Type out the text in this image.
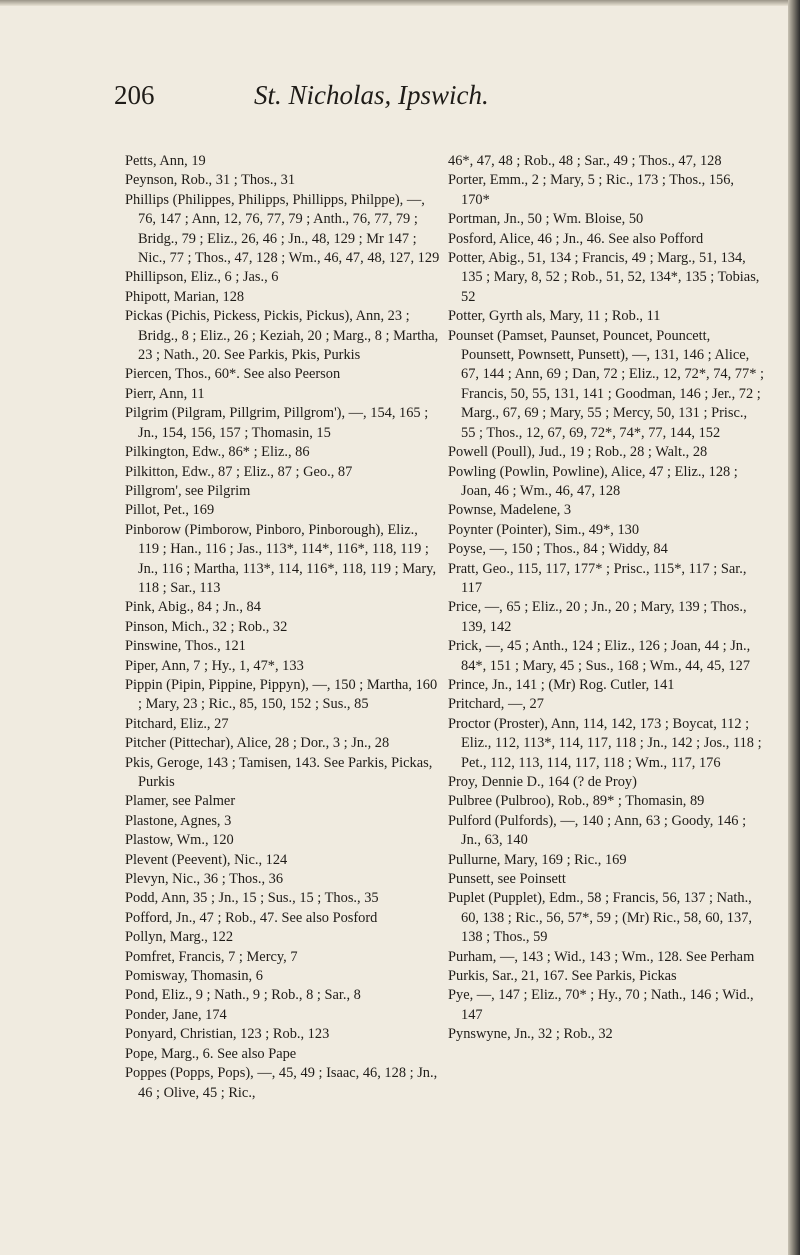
206	St. Nicholas, Ipswich.

Petts, Ann, 19

Peynson, Rob., 31 ; Thos., 31

Phillips (Philippes, Philipps, Phillipps, Philppe), —, 76, 147 ; Ann, 12, 76, 77, 79 ; Anth., 76, 77, 79 ; Bridg., 79 ; Eliz., 26, 46 ; Jn., 48, 129 ; Mr 147 ; Nic., 77 ; Thos., 47, 128 ; Wm., 46, 47, 48, 127, 129

Phillipson, Eliz., 6 ; Jas., 6

Phipott, Marian, 128

Pickas (Pichis, Pickess, Pickis, Pickus), Ann, 23 ; Bridg., 8 ; Eliz., 26 ; Keziah, 20 ; Marg., 8 ; Martha, 23 ; Nath., 20. See Parkis, Pkis, Purkis

Piercen, Thos., 60*. See also Peerson

Pierr, Ann, 11

Pilgrim (Pilgram, Pillgrim, Pillgrom'), —, 154, 165 ; Jn., 154, 156, 157 ; Thomasin, 15

Pilkington, Edw., 86* ; Eliz., 86

Pilkitton, Edw., 87 ; Eliz., 87 ; Geo., 87

Pillgrom', see Pilgrim

Pillot, Pet., 169

Pinborow (Pimborow, Pinboro, Pinborough), Eliz., 119 ; Han., 116 ; Jas., 113*, 114*, 116*, 118, 119 ; Jn., 116 ; Martha, 113*, 114, 116*, 118, 119 ; Mary, 118 ; Sar., 113

Pink, Abig., 84 ; Jn., 84

Pinson, Mich., 32 ; Rob., 32

Pinswine, Thos., 121

Piper, Ann, 7 ; Hy., 1, 47*, 133

Pippin (Pipin, Pippine, Pippyn), —, 150 ; Martha, 160 ; Mary, 23 ; Ric., 85, 150, 152 ; Sus., 85

Pitchard, Eliz., 27

Pitcher (Pittechar), Alice, 28 ; Dor., 3 ; Jn., 28

Pkis, Geroge, 143 ; Tamisen, 143. See Parkis, Pickas, Purkis

Plamer, see Palmer

Plastone, Agnes, 3

Plastow, Wm., 120

Plevent (Peevent), Nic., 124

Plevyn, Nic., 36 ; Thos., 36

Podd, Ann, 35 ; Jn., 15 ; Sus., 15 ; Thos., 35

Pofford, Jn., 47 ; Rob., 47. See also Posford

Pollyn, Marg., 122

Pomfret, Francis, 7 ; Mercy, 7

Pomisway, Thomasin, 6

Pond, Eliz., 9 ; Nath., 9 ; Rob., 8 ; Sar., 8

Ponder, Jane, 174

Ponyard, Christian, 123 ; Rob., 123

Pope, Marg., 6. See also Pape

Poppes (Popps, Pops), —, 45, 49 ; Isaac, 46, 128 ; Jn., 46 ; Olive, 45 ; Ric.,

46*, 47, 48 ; Rob., 48 ; Sar., 49 ; Thos., 47, 128

Porter, Emm., 2 ; Mary, 5 ; Ric., 173 ; Thos., 156, 170*

Portman, Jn., 50 ; Wm. Bloise, 50

Posford, Alice, 46 ; Jn., 46. See also Pofford

Potter, Abig., 51, 134 ; Francis, 49 ; Marg., 51, 134, 135 ; Mary, 8, 52 ; Rob., 51, 52, 134*, 135 ; Tobias, 52

Potter, Gyrth als, Mary, 11 ; Rob., 11

Pounset (Pamset, Paunset, Pouncet, Pouncett, Pounsett, Pownsett, Punsett), —, 131, 146 ; Alice, 67, 144 ; Ann, 69 ; Dan, 72 ; Eliz., 12, 72*, 74, 77* ; Francis, 50, 55, 131, 141 ; Goodman, 146 ; Jer., 72 ; Marg., 67, 69 ; Mary, 55 ; Mercy, 50, 131 ; Prisc., 55 ; Thos., 12, 67, 69, 72*, 74*, 77, 144, 152

Powell (Poull), Jud., 19 ; Rob., 28 ; Walt., 28

Powling (Powlin, Powline), Alice, 47 ; Eliz., 128 ; Joan, 46 ; Wm., 46, 47, 128

Pownse, Madelene, 3

Poynter (Pointer), Sim., 49*, 130

Poyse, —, 150 ; Thos., 84 ; Widdy, 84

Pratt, Geo., 115, 117, 177* ; Prisc., 115*, 117 ; Sar., 117

Price, —, 65 ; Eliz., 20 ; Jn., 20 ; Mary, 139 ; Thos., 139, 142

Prick, —, 45 ; Anth., 124 ; Eliz., 126 ; Joan, 44 ; Jn., 84*, 151 ; Mary, 45 ; Sus., 168 ; Wm., 44, 45, 127

Prince, Jn., 141 ; (Mr) Rog. Cutler, 141

Pritchard, —, 27

Proctor (Proster), Ann, 114, 142, 173 ; Boycat, 112 ; Eliz., 112, 113*, 114, 117, 118 ; Jn., 142 ; Jos., 118 ; Pet., 112, 113, 114, 117, 118 ; Wm., 117, 176

Proy, Dennie D., 164 (? de Proy)

Pulbree (Pulbroo), Rob., 89* ; Thomasin, 89

Pulford (Pulfords), —, 140 ; Ann, 63 ; Goody, 146 ; Jn., 63, 140

Pullurne, Mary, 169 ; Ric., 169

Punsett, see Poinsett

Puplet (Pupplet), Edm., 58 ; Francis, 56, 137 ; Nath., 60, 138 ; Ric., 56, 57*, 59 ; (Mr) Ric., 58, 60, 137, 138 ; Thos., 59

Purham, —, 143 ; Wid., 143 ; Wm., 128. See Perham

Purkis, Sar., 21, 167. See Parkis, Pickas

Pye, —, 147 ; Eliz., 70* ; Hy., 70 ; Nath., 146 ; Wid., 147

Pynswyne, Jn., 32 ; Rob., 32
